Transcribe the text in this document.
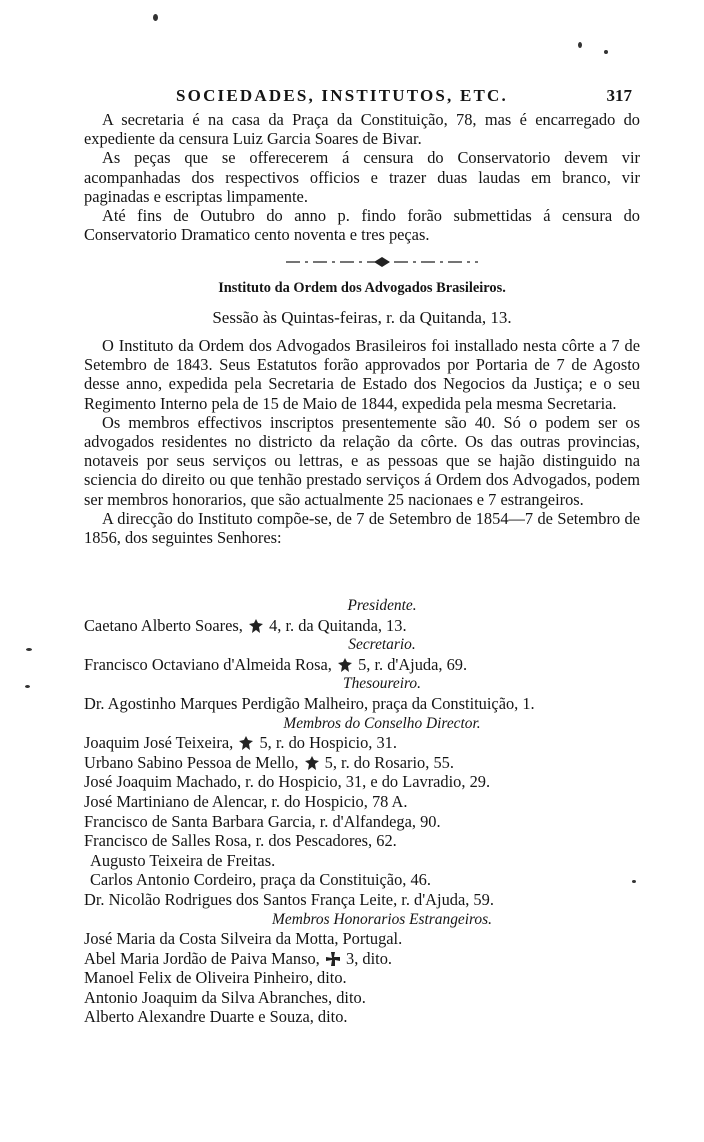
SOCIEDADES, INSTITUTOS, ETC.	317

A secretaria é na casa da Praça da Constituição, 78, mas é encarregado do expediente da censura Luiz Garcia Soares de Bivar.

As peças que se offerecerem á censura do Conservatorio devem vir acompanhadas dos respectivos officios e trazer duas laudas em branco, vir paginadas e escriptas limpamente.

Até fins de Outubro do anno p. findo forão submettidas á censura do Conservatorio Dramatico cento noventa e tres peças.

Instituto da Ordem dos Advogados Brasileiros.
Sessão às Quintas-feiras, r. da Quitanda, 13.

O Instituto da Ordem dos Advogados Brasileiros foi installado nesta côrte a 7 de Setembro de 1843. Seus Estatutos forão approvados por Portaria de 7 de Agosto desse anno, expedida pela Secretaria de Estado dos Negocios da Justiça; e o seu Regimento Interno pela de 15 de Maio de 1844, expedida pela mesma Secretaria.

Os membros effectivos inscriptos presentemente são 40. Só o podem ser os advogados residentes no districto da relação da côrte. Os das outras provincias, notaveis por seus serviços ou lettras, e as pessoas que se hajão distinguido na sciencia do direito ou que tenhão prestado serviços á Ordem dos Advogados, podem ser membros honorarios, que são actualmente 25 nacionaes e 7 estrangeiros.

A direcção do Instituto compõe-se, de 7 de Setembro de 1854—7 de Setembro de 1856, dos seguintes Senhores:

Presidente.

Caetano Alberto Soares, 4, r. da Quitanda, 13.

Secretario.

Francisco Octaviano d'Almeida Rosa, 5, r. d'Ajuda, 69.

Thesoureiro.

Dr. Agostinho Marques Perdigão Malheiro, praça da Constituição, 1.

Membros do Conselho Director.

Joaquim José Teixeira, 5, r. do Hospicio, 31.

Urbano Sabino Pessoa de Mello, 5, r. do Rosario, 55.

José Joaquim Machado, r. do Hospicio, 31, e do Lavradio, 29.

José Martiniano de Alencar, r. do Hospicio, 78 A.

Francisco de Santa Barbara Garcia, r. d'Alfandega, 90.

Francisco de Salles Rosa, r. dos Pescadores, 62.

Augusto Teixeira de Freitas.

Carlos Antonio Cordeiro, praça da Constituição, 46.

Dr. Nicolão Rodrigues dos Santos França Leite, r. d'Ajuda, 59.

Membros Honorarios Estrangeiros.

José Maria da Costa Silveira da Motta, Portugal.

Abel Maria Jordão de Paiva Manso, 3, dito.

Manoel Felix de Oliveira Pinheiro, dito.

Antonio Joaquim da Silva Abranches, dito.

Alberto Alexandre Duarte e Souza, dito.
